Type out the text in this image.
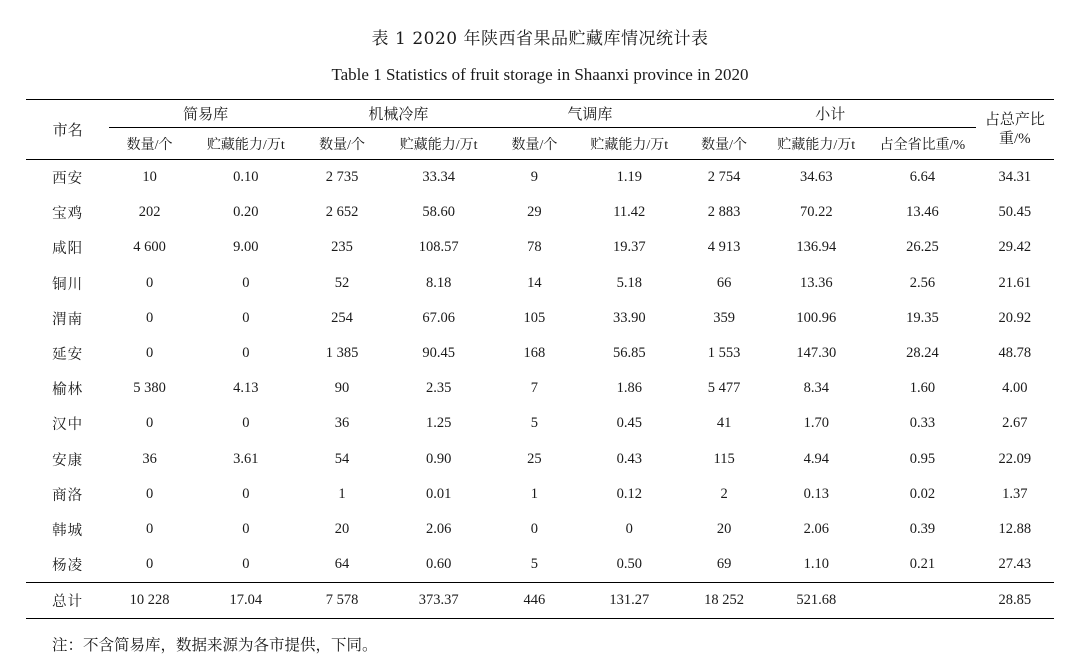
表 1 2020 年陕西省果品贮藏库情况统计表
Table 1 Statistics of fruit storage in Shaanxi province in 2020
市名	简易库		机械冷库		气调库		小计			占总产比重/%
	数量/个	贮藏能力/万t	数量/个	贮藏能力/万t	数量/个	贮藏能力/万t	数量/个	贮藏能力/万t	占全省比重/%	
西安	10	0.10	2 735	33.34	9	1.19	2 754	34.63	6.64	34.31
宝鸡	202	0.20	2 652	58.60	29	11.42	2 883	70.22	13.46	50.45
咸阳	4 600	9.00	235	108.57	78	19.37	4 913	136.94	26.25	29.42
铜川	0	0	52	8.18	14	5.18	66	13.36	2.56	21.61
渭南	0	0	254	67.06	105	33.90	359	100.96	19.35	20.92
延安	0	0	1 385	90.45	168	56.85	1 553	147.30	28.24	48.78
榆林	5 380	4.13	90	2.35	7	1.86	5 477	8.34	1.60	4.00
汉中	0	0	36	1.25	5	0.45	41	1.70	0.33	2.67
安康	36	3.61	54	0.90	25	0.43	115	4.94	0.95	22.09
商洛	0	0	1	0.01	1	0.12	2	0.13	0.02	1.37
韩城	0	0	20	2.06	0	0	20	2.06	0.39	12.88
杨凌	0	0	64	0.60	5	0.50	69	1.10	0.21	27.43
总计	10 228	17.04	7 578	373.37	446	131.27	18 252	521.68		28.85

注：不含简易库，数据来源为各市提供，下同。
